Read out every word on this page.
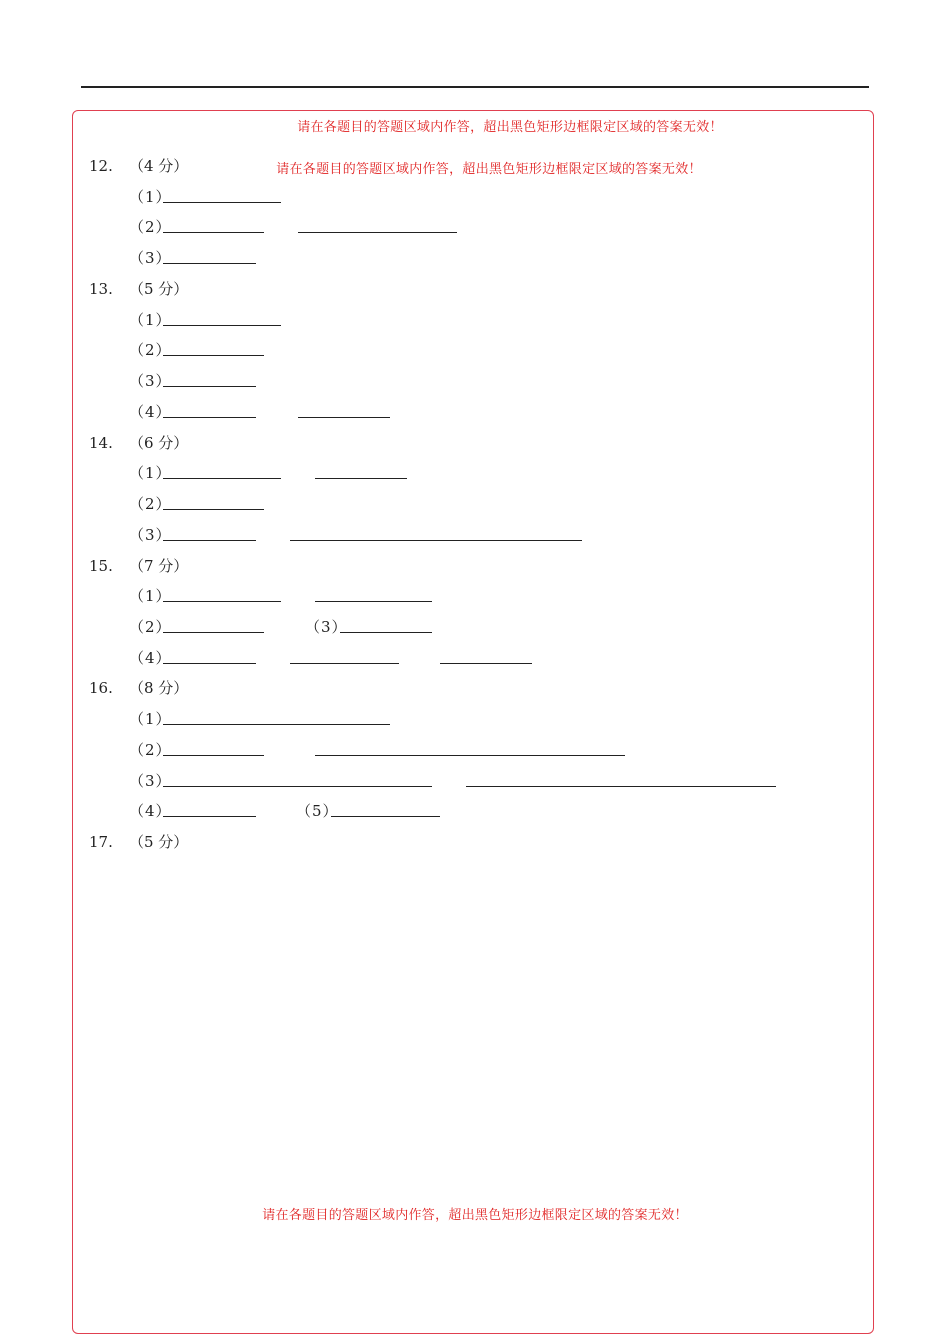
请在各题目的答题区域内作答，超出黑色矩形边框限定区域的答案无效！
请在各题目的答题区域内作答，超出黑色矩形边框限定区域的答案无效！
请在各题目的答题区域内作答，超出黑色矩形边框限定区域的答案无效！
12. （4 分）
（1）
（2）
（3）
13. （5 分）
（1）
（2）
（3）
（4）
14. （6 分）
（1）
（2）
（3）
15. （7 分）
（1）
（2）	（3）
（4）
16. （8 分）
（1）
（2）
（3）
（4）	（5）
17. （5 分）
